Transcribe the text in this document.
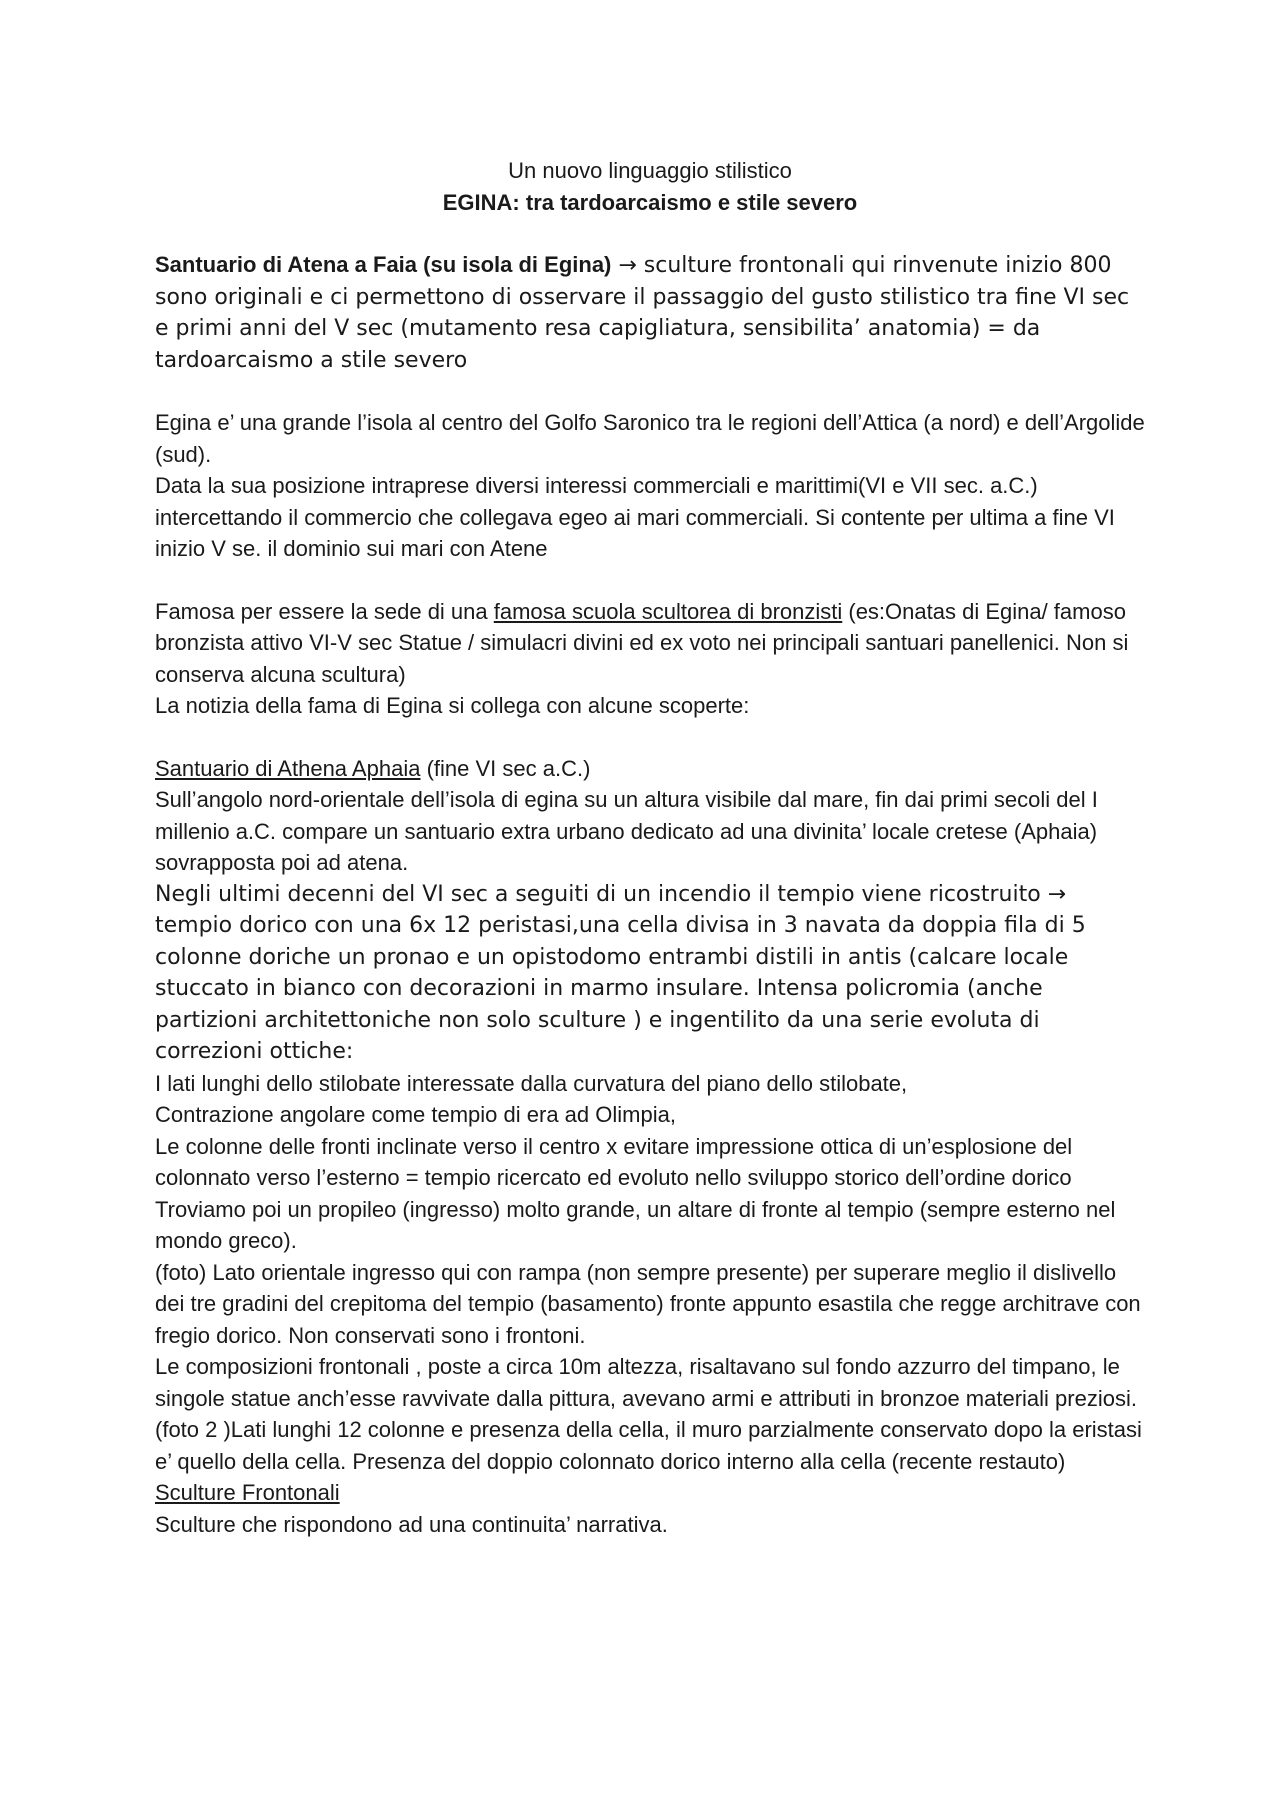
Un nuovo linguaggio stilistico

EGINA: tra tardoarcaismo e stile severo

Santuario di Atena a Faia (su isola di Egina) → sculture frontonali qui rinvenute inizio 800 sono originali e ci permettono di osservare il passaggio del gusto stilistico tra fine VI sec e primi anni del V sec (mutamento resa capigliatura, sensibilita’ anatomia) = da tardoarcaismo a stile severo

Egina e’ una grande l’isola al centro del Golfo Saronico tra le regioni dell’Attica (a nord) e dell’Argolide (sud).

Data la sua posizione intraprese diversi interessi commerciali e marittimi(VI e VII sec. a.C.) intercettando il commercio che collegava egeo ai mari commerciali. Si contente per ultima a fine VI inizio V se. il dominio sui mari con Atene

Famosa per essere la sede di una famosa scuola scultorea di bronzisti (es:Onatas di Egina/ famoso bronzista attivo VI-V sec Statue / simulacri divini ed ex voto nei principali santuari panellenici. Non si conserva alcuna scultura)

La notizia della fama di Egina si collega con alcune scoperte:

Santuario di Athena Aphaia (fine VI sec a.C.)

Sull’angolo nord-orientale dell’isola di egina su un altura visibile dal mare, fin dai primi secoli del I millenio a.C. compare un santuario extra urbano dedicato ad una divinita’ locale cretese (Aphaia) sovrapposta poi ad atena.

Negli ultimi decenni del VI sec a seguiti di un incendio il tempio viene ricostruito → tempio dorico con una 6x 12 peristasi,una cella divisa in 3 navata da doppia fila di 5 colonne doriche un pronao e un opistodomo entrambi distili in antis (calcare locale stuccato in bianco con decorazioni in marmo insulare. Intensa policromia (anche partizioni architettoniche non solo sculture ) e ingentilito da una serie evoluta di correzioni ottiche:

I lati lunghi dello stilobate interessate dalla curvatura del piano dello stilobate,

Contrazione angolare come tempio di era ad Olimpia,

Le colonne delle fronti inclinate verso il centro x evitare impressione ottica di un’esplosione del colonnato verso l’esterno = tempio ricercato ed evoluto nello sviluppo storico dell’ordine dorico

Troviamo poi un propileo (ingresso) molto grande, un altare di fronte al tempio (sempre esterno nel mondo greco).

(foto) Lato orientale ingresso qui con rampa (non sempre presente) per superare meglio il dislivello dei tre gradini del crepitoma del tempio (basamento) fronte appunto esastila che regge architrave con fregio dorico. Non conservati sono i frontoni.

Le composizioni frontonali , poste a circa 10m altezza, risaltavano sul fondo azzurro del timpano, le singole statue anch’esse ravvivate dalla pittura, avevano armi e attributi in bronzoe materiali preziosi.

(foto 2 )Lati lunghi 12 colonne e presenza della cella, il muro parzialmente conservato dopo la eristasi e’ quello della cella. Presenza del doppio colonnato dorico interno alla cella (recente restauto)

Sculture Frontonali

Sculture che rispondono ad una continuita’ narrativa.
